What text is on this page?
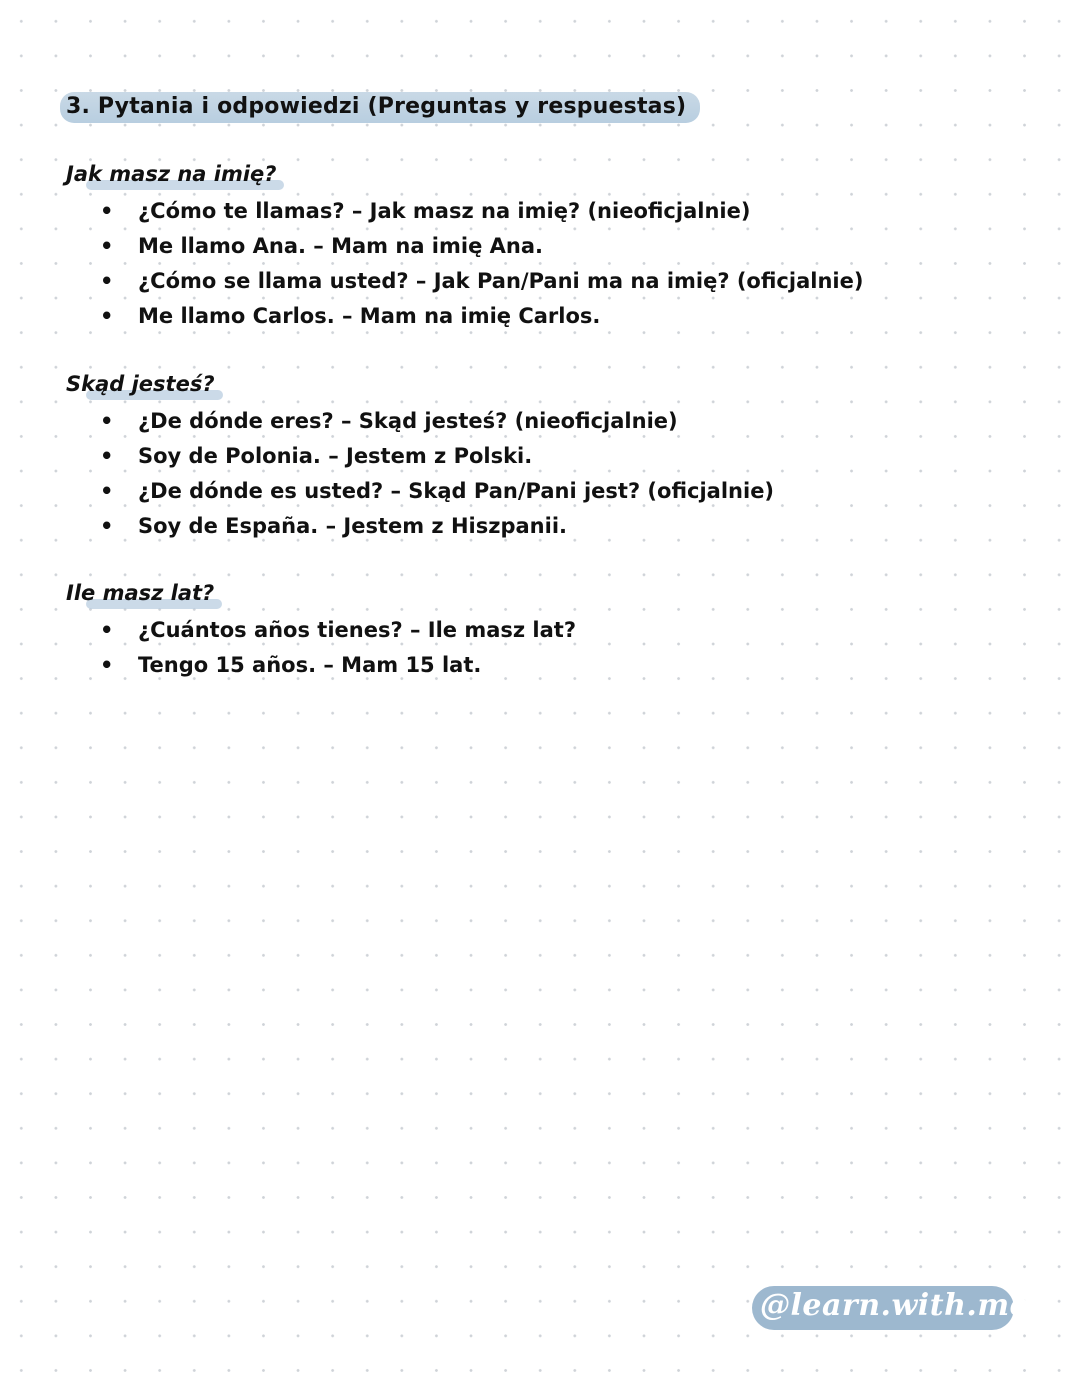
3. Pytania i odpowiedzi (Preguntas y respuestas)
Jak masz na imię?
• ¿Cómo te llamas? – Jak masz na imię? (nieoficjalnie)
• Me llamo Ana. – Mam na imię Ana.
• ¿Cómo se llama usted? – Jak Pan/Pani ma na imię? (oficjalnie)
• Me llamo Carlos. – Mam na imię Carlos.
Skąd jesteś?
• ¿De dónde eres? – Skąd jesteś? (nieoficjalnie)
• Soy de Polonia. – Jestem z Polski.
• ¿De dónde es usted? – Skąd Pan/Pani jest? (oficjalnie)
• Soy de España. – Jestem z Hiszpanii.
Ile masz lat?
• ¿Cuántos años tienes? – Ile masz lat?
• Tengo 15 años. – Mam 15 lat.
@learn.with.me.
